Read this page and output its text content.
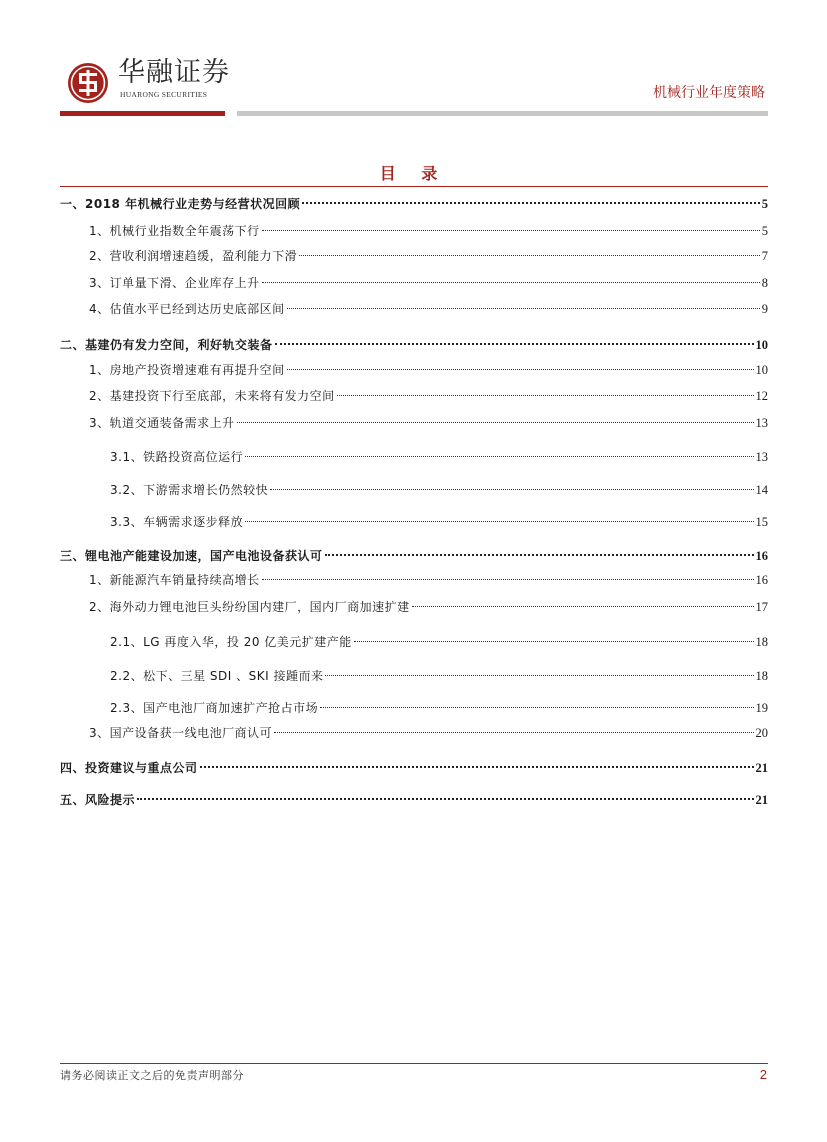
华融证券
HUARONG SECURITIES	机械行业年度策略
目 录
一、2018 年机械行业走势与经营状况回顾	5
1、机械行业指数全年震荡下行	5
2、营收利润增速趋缓，盈利能力下滑	7
3、订单量下滑、企业库存上升	8
4、估值水平已经到达历史底部区间	9
二、基建仍有发力空间，利好轨交装备	10
1、房地产投资增速难有再提升空间	10
2、基建投资下行至底部，未来将有发力空间	12
3、轨道交通装备需求上升	13
3.1、铁路投资高位运行	13
3.2、下游需求增长仍然较快	14
3.3、车辆需求逐步释放	15
三、锂电池产能建设加速，国产电池设备获认可	16
1、新能源汽车销量持续高增长	16
2、海外动力锂电池巨头纷纷国内建厂，国内厂商加速扩建	17
2.1、LG 再度入华，投 20 亿美元扩建产能	18
2.2、松下、三星 SDI 、SKI 接踵而来	18
2.3、国产电池厂商加速扩产抢占市场	19
3、国产设备获一线电池厂商认可	20
四、投资建议与重点公司	21
五、风险提示	21
请务必阅读正文之后的免责声明部分	2
